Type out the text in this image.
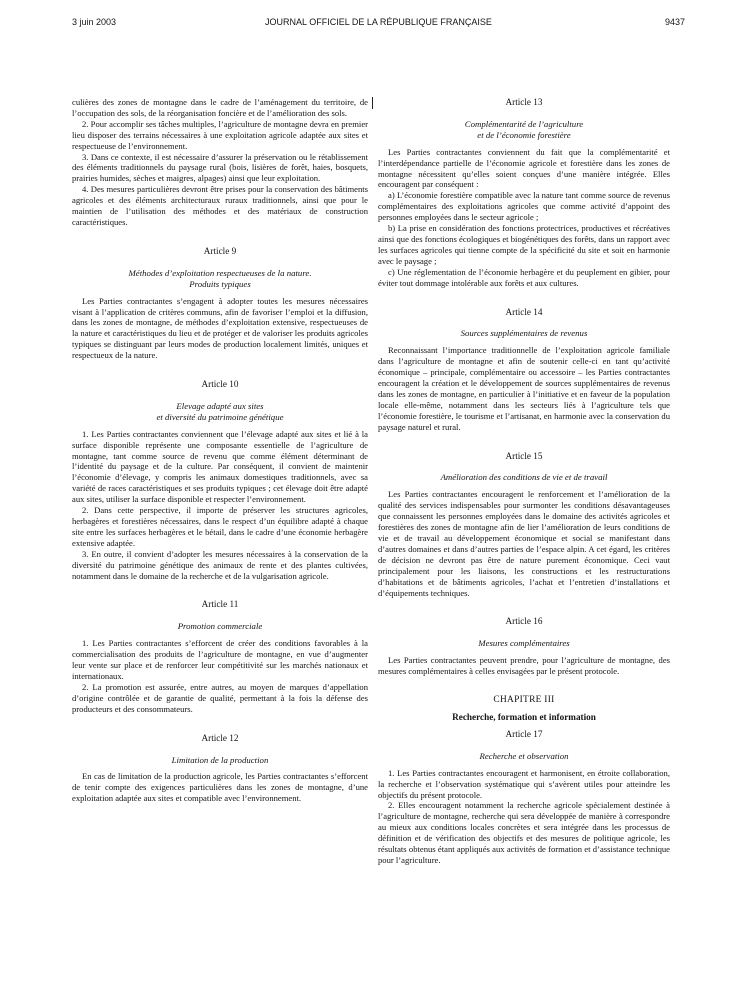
3 juin 2003	JOURNAL OFFICIEL DE LA RÉPUBLIQUE FRANÇAISE	9437

culières des zones de montagne dans le cadre de l’aménagement du territoire, de l’occupation des sols, de la réorganisation foncière et de l’amélioration des sols.

2. Pour accomplir ses tâches multiples, l’agriculture de montagne devra en premier lieu disposer des terrains nécessaires à une exploitation agricole adaptée aux sites et respectueuse de l’environnement.

3. Dans ce contexte, il est nécessaire d’assurer la préservation ou le rétablissement des éléments traditionnels du paysage rural (bois, lisières de forêt, haies, bosquets, prairies humides, sèches et maigres, alpages) ainsi que leur exploitation.

4. Des mesures particulières devront être prises pour la conservation des bâtiments agricoles et des éléments architecturaux ruraux traditionnels, ainsi que pour le maintien de l’utilisation des méthodes et des matériaux de construction caractéristiques.

Article 9
Méthodes d’exploitation respectueuses de la nature.
Produits typiques

Les Parties contractantes s’engagent à adopter toutes les mesures nécessaires visant à l’application de critères communs, afin de favoriser l’emploi et la diffusion, dans les zones de montagne, de méthodes d’exploitation extensive, respectueuses de la nature et caractéristiques du lieu et de protéger et de valoriser les produits agricoles typiques se distinguant par leurs modes de production localement limités, uniques et respectueux de la nature.

Article 10
Elevage adapté aux sites
et diversité du patrimoine génétique

1. Les Parties contractantes conviennent que l’élevage adapté aux sites et lié à la surface disponible représente une composante essentielle de l’agriculture de montagne, tant comme source de revenu que comme élément déterminant de l’identité du paysage et de la culture. Par conséquent, il convient de maintenir l’économie d’élevage, y compris les animaux domestiques traditionnels, avec sa variété de races caractéristiques et ses produits typiques ; cet élevage doit être adapté aux sites, utiliser la surface disponible et respecter l’environnement.

2. Dans cette perspective, il importe de préserver les structures agricoles, herbagères et forestières nécessaires, dans le respect d’un équilibre adapté à chaque site entre les surfaces herbagères et le bétail, dans le cadre d’une économie herbagère extensive adaptée.

3. En outre, il convient d’adopter les mesures nécessaires à la conservation de la diversité du patrimoine génétique des animaux de rente et des plantes cultivées, notamment dans le domaine de la recherche et de la vulgarisation agricole.

Article 11
Promotion commerciale

1. Les Parties contractantes s’efforcent de créer des conditions favorables à la commercialisation des produits de l’agriculture de montagne, en vue d’augmenter leur vente sur place et de renforcer leur compétitivité sur les marchés nationaux et internationaux.

2. La promotion est assurée, entre autres, au moyen de marques d’appellation d’origine contrôlée et de garantie de qualité, permettant à la fois la défense des producteurs et des consommateurs.

Article 12
Limitation de la production

En cas de limitation de la production agricole, les Parties contractantes s’efforcent de tenir compte des exigences particulières dans les zones de montagne, d’une exploitation adaptée aux sites et compatible avec l’environnement.

Article 13
Complémentarité de l’agriculture
et de l’économie forestière

Les Parties contractantes conviennent du fait que la complémentarité et l’interdépendance partielle de l’économie agricole et forestière dans les zones de montagne nécessitent qu’elles soient conçues d’une manière intégrée. Elles encouragent par conséquent :

a) L’économie forestière compatible avec la nature tant comme source de revenus complémentaires des exploitations agricoles que comme activité d’appoint des personnes employées dans le secteur agricole ;

b) La prise en considération des fonctions protectrices, productives et récréatives ainsi que des fonctions écologiques et biogénétiques des forêts, dans un rapport avec les surfaces agricoles qui tienne compte de la spécificité du site et soit en harmonie avec le paysage ;

c) Une réglementation de l’économie herbagère et du peuplement en gibier, pour éviter tout dommage intolérable aux forêts et aux cultures.

Article 14
Sources supplémentaires de revenus

Reconnaissant l’importance traditionnelle de l’exploitation agricole familiale dans l’agriculture de montagne et afin de soutenir celle-ci en tant qu’activité économique – principale, complémentaire ou accessoire – les Parties contractantes encouragent la création et le développement de sources supplémentaires de revenus dans les zones de montagne, en particulier à l’initiative et en faveur de la population locale elle-même, notamment dans les secteurs liés à l’agriculture tels que l’économie forestière, le tourisme et l’artisanat, en harmonie avec la conservation du paysage naturel et rural.

Article 15
Amélioration des conditions de vie et de travail

Les Parties contractantes encouragent le renforcement et l’amélioration de la qualité des services indispensables pour surmonter les conditions désavantageuses que connaissent les personnes employées dans le domaine des activités agricoles et forestières des zones de montagne afin de lier l’amélioration de leurs conditions de vie et de travail au développement économique et social se manifestant dans d’autres domaines et dans d’autres parties de l’espace alpin. A cet égard, les critères de décision ne devront pas être de nature purement économique. Ceci vaut principalement pour les liaisons, les constructions et les restructurations d’habitations et de bâtiments agricoles, l’achat et l’entretien d’installations et d’équipements techniques.

Article 16
Mesures complémentaires

Les Parties contractantes peuvent prendre, pour l’agriculture de montagne, des mesures complémentaires à celles envisagées par le présent protocole.

CHAPITRE III
Recherche, formation et information
Article 17
Recherche et observation

1. Les Parties contractantes encouragent et harmonisent, en étroite collaboration, la recherche et l’observation systématique qui s’avèrent utiles pour atteindre les objectifs du présent protocole.

2. Elles encouragent notamment la recherche agricole spécialement destinée à l’agriculture de montagne, recherche qui sera développée de manière à correspondre au mieux aux conditions locales concrètes et sera intégrée dans les processus de définition et de vérification des objectifs et des mesures de politique agricole, les résultats obtenus étant appliqués aux activités de formation et d’assistance technique pour l’agriculture.
